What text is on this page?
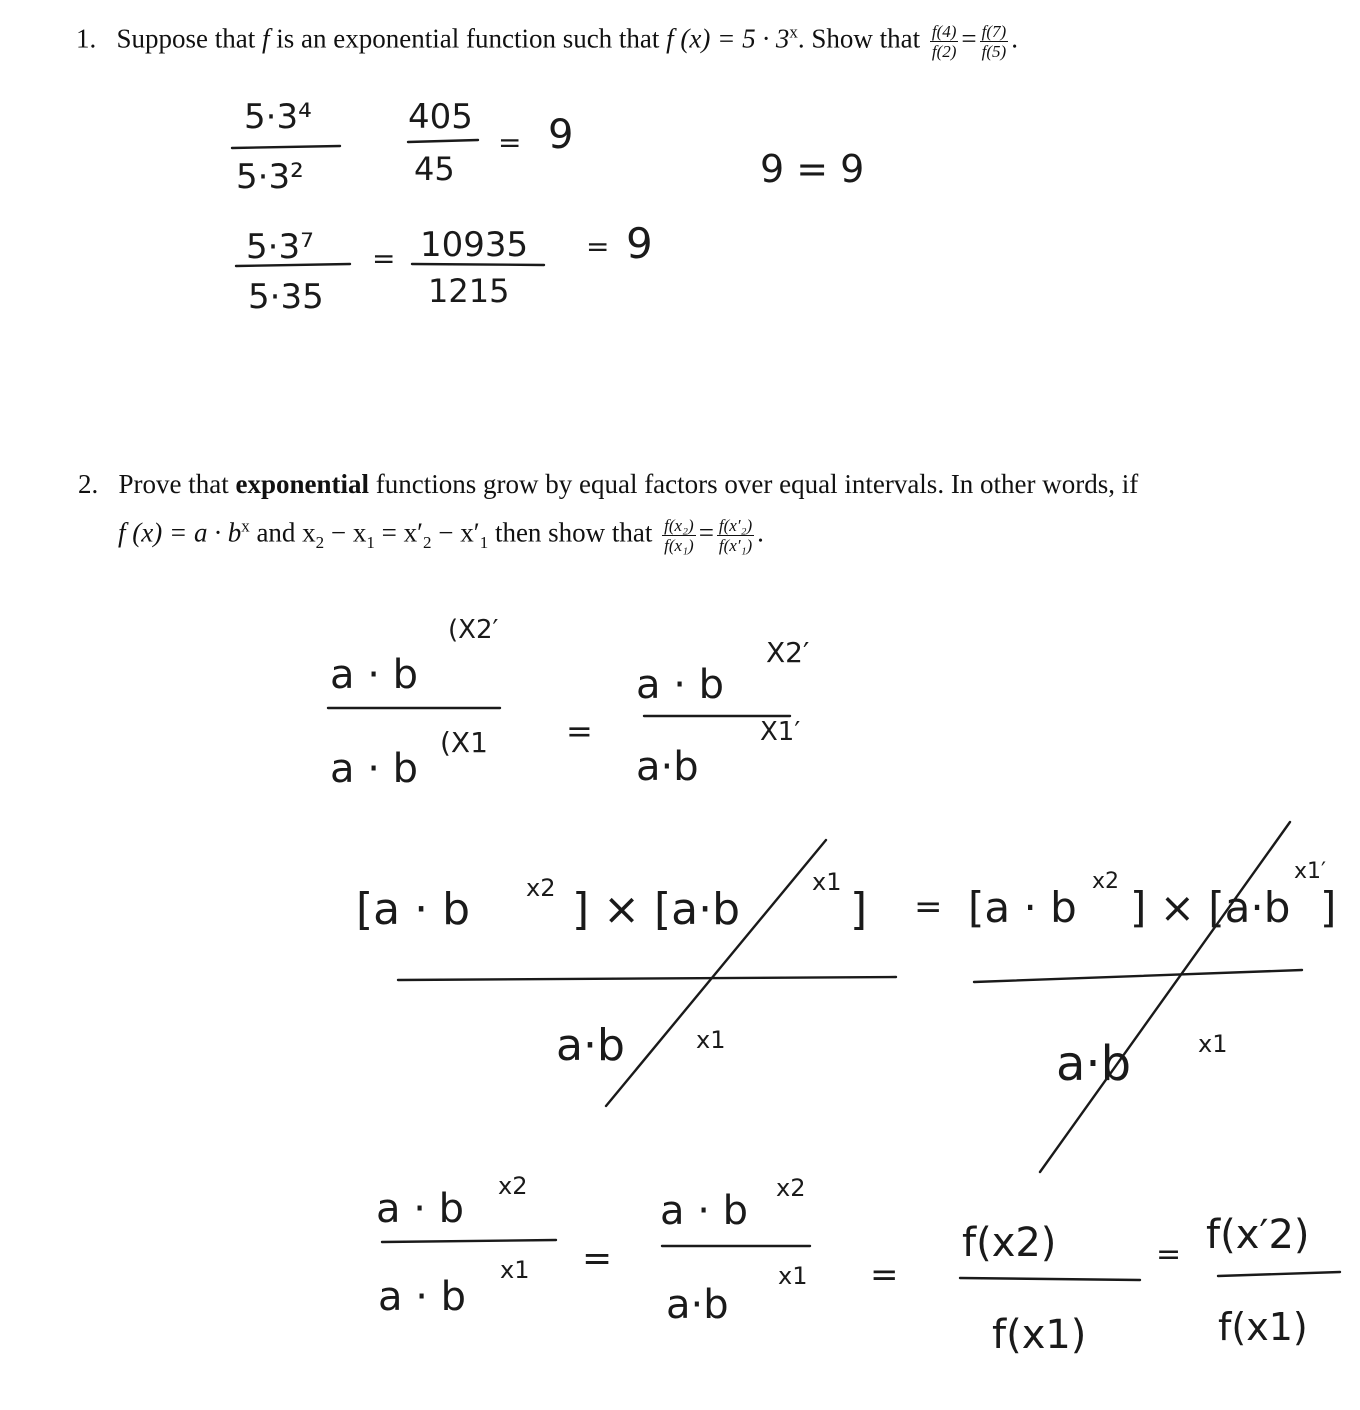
1. Suppose that f is an exponential function such that f $(x) = 5 \cdot 3^x$. Show that $\frac{f(4)}{f(2)} = \frac{f(7)}{f(5)}$ .
2. Prove that exponential functions grow by equal factors over equal intervals. In other words, if
f $(x) = a \cdot b^x$ and $x_2 - x_1 = x'_2 - x'_1$ then show that $\frac{\text{f(x₂)}}{\text{f(x₁)}} = \frac{\text{f(x′₂)}}{\text{f(x′₁)}}$ .
5·3⁴
5·3²
405
45
= 9
9 = 9
5·3⁷
5·35
= 10935
1215
= 9
a · b
(X2′
a · b
(X1 =
a · b
X2′
a·b
X1′
[a · b x2 ] × [a·b
x1
]
a·b	x1
= [a · b
x2
] × [a·b
x1′
]
a·b	x1
a · b x2
a · b
x1 =
a · b x2
a·b
x1 =
f(x2)
f(x1)
= f(x′2)
f(x1)
